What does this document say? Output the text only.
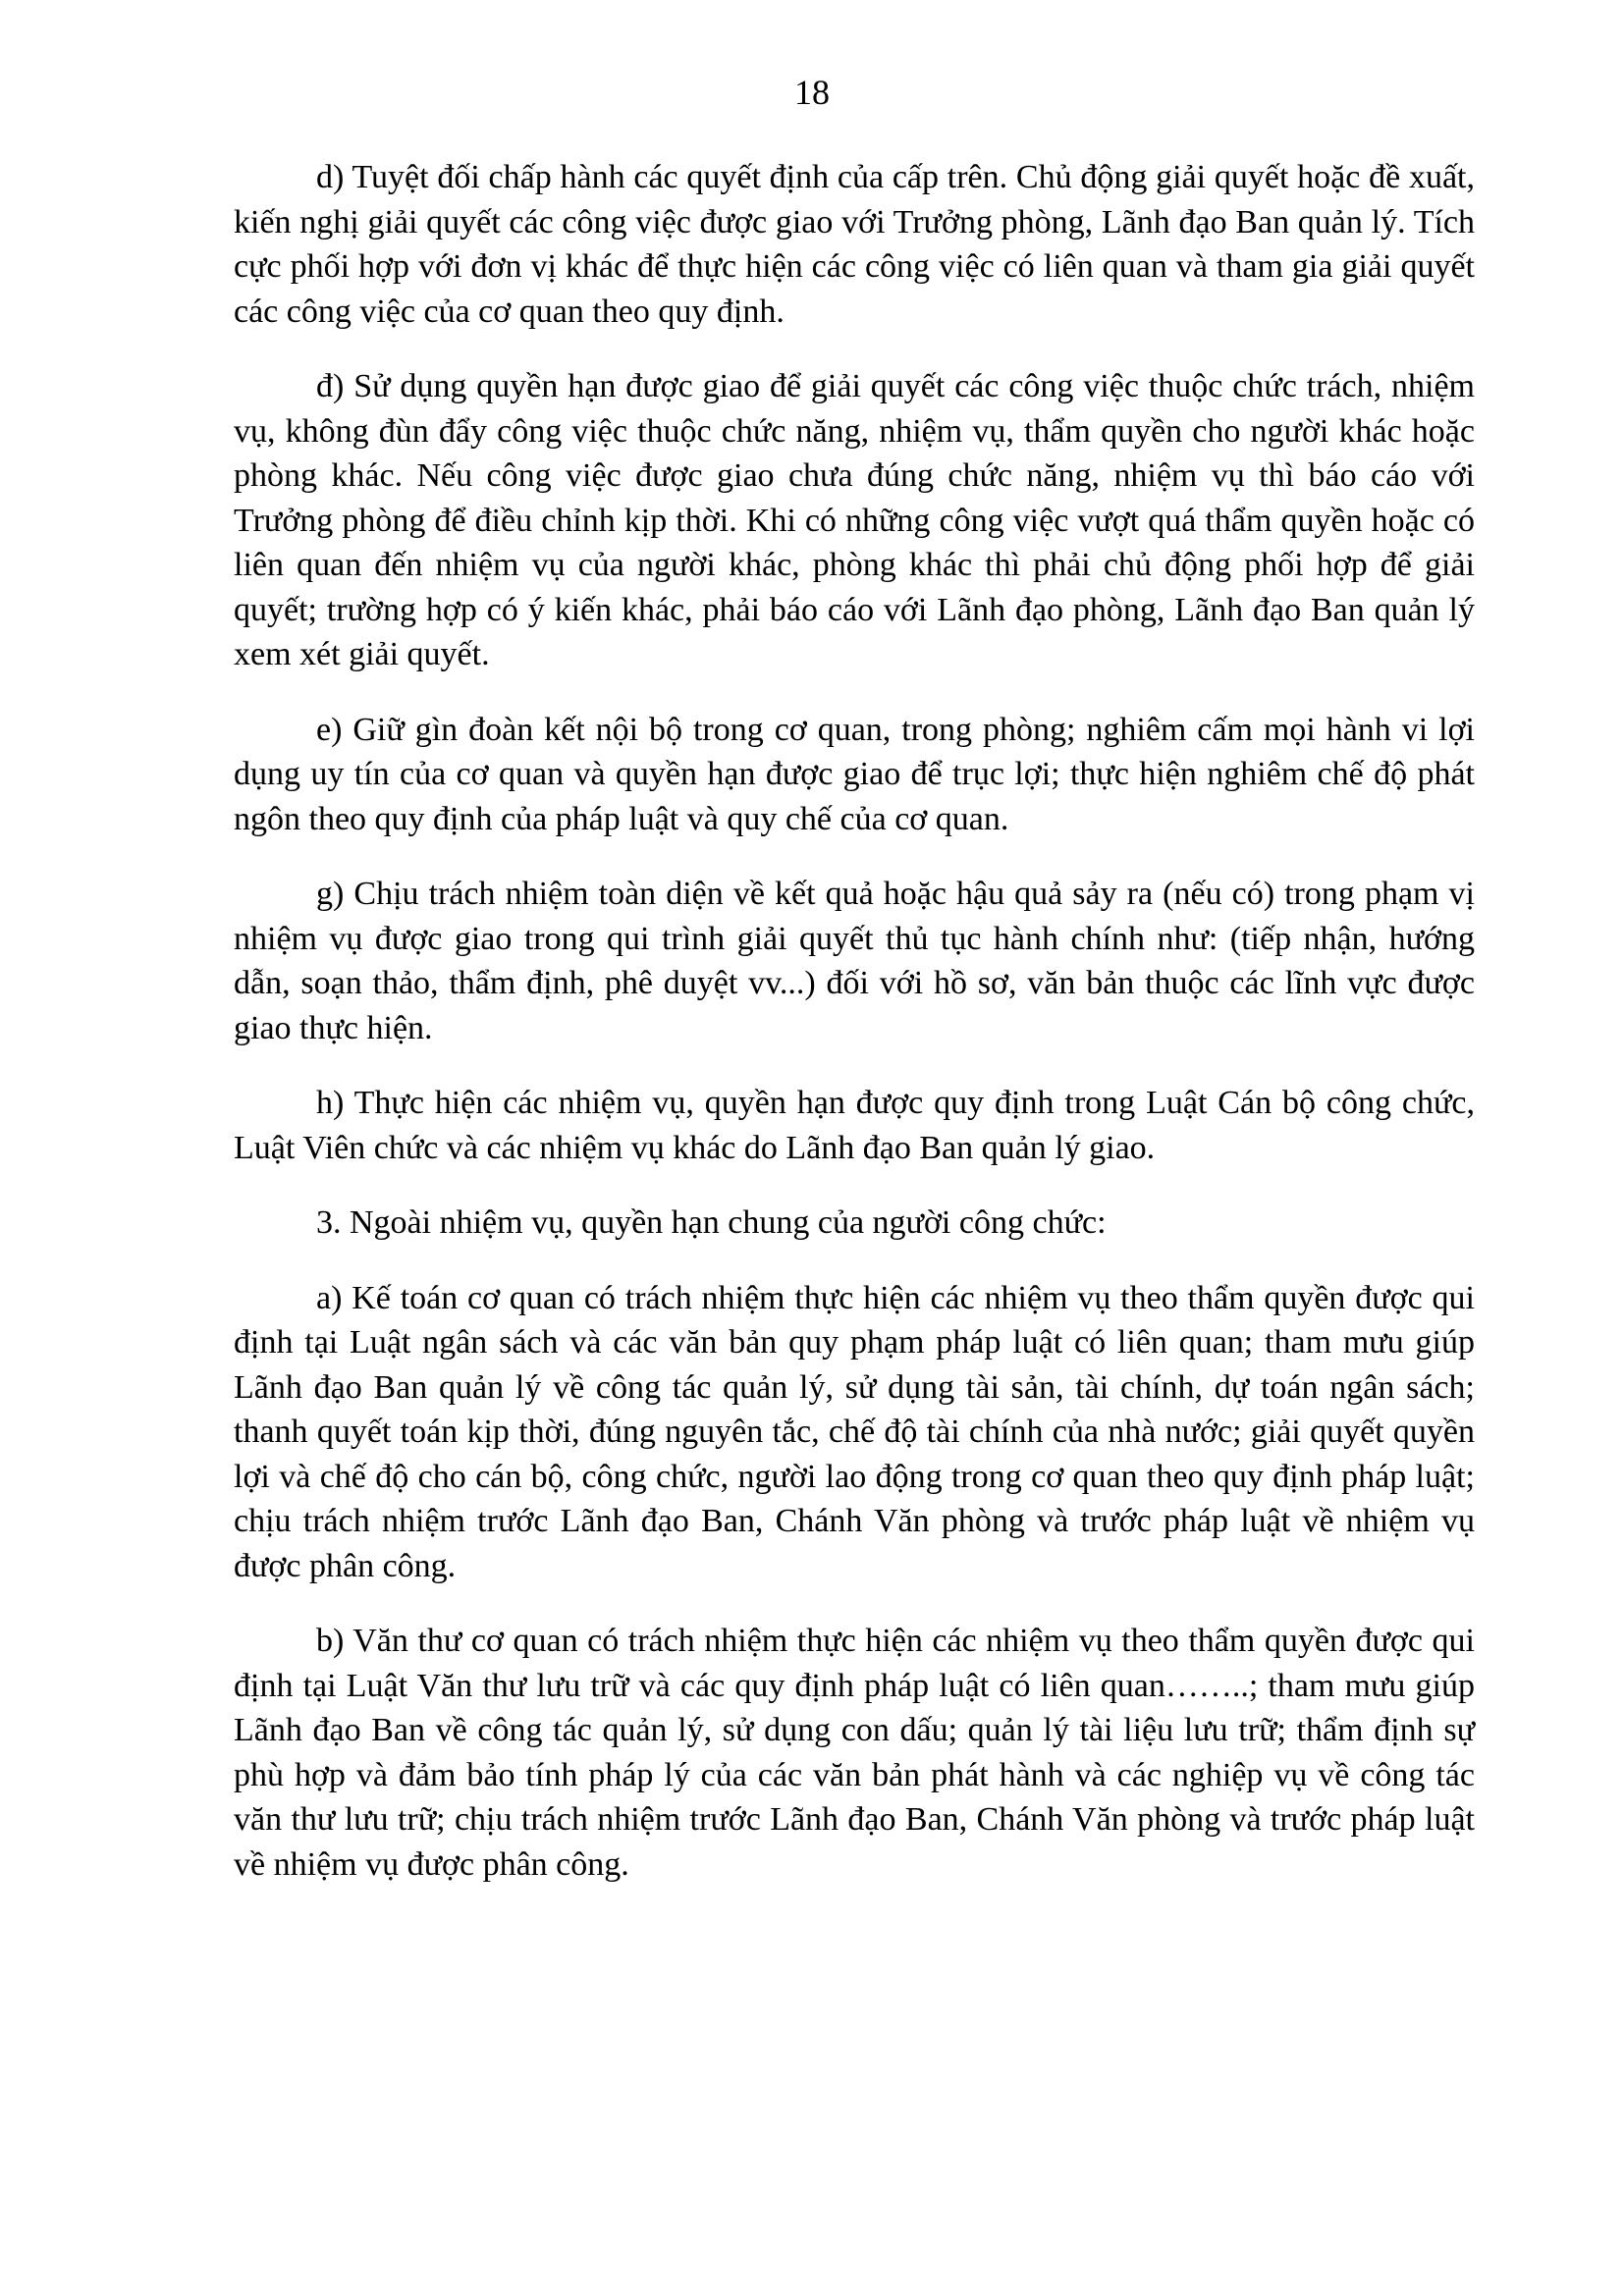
18

d) Tuyệt đối chấp hành các quyết định của cấp trên. Chủ động giải quyết hoặc đề xuất, kiến nghị giải quyết các công việc được giao với Trưởng phòng, Lãnh đạo Ban quản lý. Tích cực phối hợp với đơn vị khác để thực hiện các công việc có liên quan và tham gia giải quyết các công việc của cơ quan theo quy định.

đ) Sử dụng quyền hạn được giao để giải quyết các công việc thuộc chức trách, nhiệm vụ, không đùn đẩy công việc thuộc chức năng, nhiệm vụ, thẩm quyền cho người khác hoặc phòng khác. Nếu công việc được giao chưa đúng chức năng, nhiệm vụ thì báo cáo với Trưởng phòng để điều chỉnh kịp thời. Khi có những công việc vượt quá thẩm quyền hoặc có liên quan đến nhiệm vụ của người khác, phòng khác thì phải chủ động phối hợp để giải quyết; trường hợp có ý kiến khác, phải báo cáo với Lãnh đạo phòng, Lãnh đạo Ban quản lý xem xét giải quyết.

e) Giữ gìn đoàn kết nội bộ trong cơ quan, trong phòng; nghiêm cấm mọi hành vi lợi dụng uy tín của cơ quan và quyền hạn được giao để trục lợi; thực hiện nghiêm chế độ phát ngôn theo quy định của pháp luật và quy chế của cơ quan.

g) Chịu trách nhiệm toàn diện về kết quả hoặc hậu quả sảy ra (nếu có) trong phạm vị nhiệm vụ được giao trong qui trình giải quyết thủ tục hành chính như: (tiếp nhận, hướng dẫn, soạn thảo, thẩm định, phê duyệt vv...) đối với hồ sơ, văn bản thuộc các lĩnh vực được giao thực hiện.

h) Thực hiện các nhiệm vụ, quyền hạn được quy định trong Luật Cán bộ công chức, Luật Viên chức và các nhiệm vụ khác do Lãnh đạo Ban quản lý giao.

3. Ngoài nhiệm vụ, quyền hạn chung của người công chức:

a) Kế toán cơ quan có trách nhiệm thực hiện các nhiệm vụ theo thẩm quyền được qui định tại Luật ngân sách và các văn bản quy phạm pháp luật có liên quan; tham mưu giúp Lãnh đạo Ban quản lý về công tác quản lý, sử dụng tài sản, tài chính, dự toán ngân sách; thanh quyết toán kịp thời, đúng nguyên tắc, chế độ tài chính của nhà nước; giải quyết quyền lợi và chế độ cho cán bộ, công chức, người lao động trong cơ quan theo quy định pháp luật; chịu trách nhiệm trước Lãnh đạo Ban, Chánh Văn phòng và trước pháp luật về nhiệm vụ được phân công.

b) Văn thư cơ quan có trách nhiệm thực hiện các nhiệm vụ theo thẩm quyền được qui định tại Luật Văn thư lưu trữ và các quy định pháp luật có liên quan……..; tham mưu giúp Lãnh đạo Ban về công tác quản lý, sử dụng con dấu; quản lý tài liệu lưu trữ; thẩm định sự phù hợp và đảm bảo tính pháp lý của các văn bản phát hành và các nghiệp vụ về công tác văn thư lưu trữ; chịu trách nhiệm trước Lãnh đạo Ban, Chánh Văn phòng và trước pháp luật về nhiệm vụ được phân công.
